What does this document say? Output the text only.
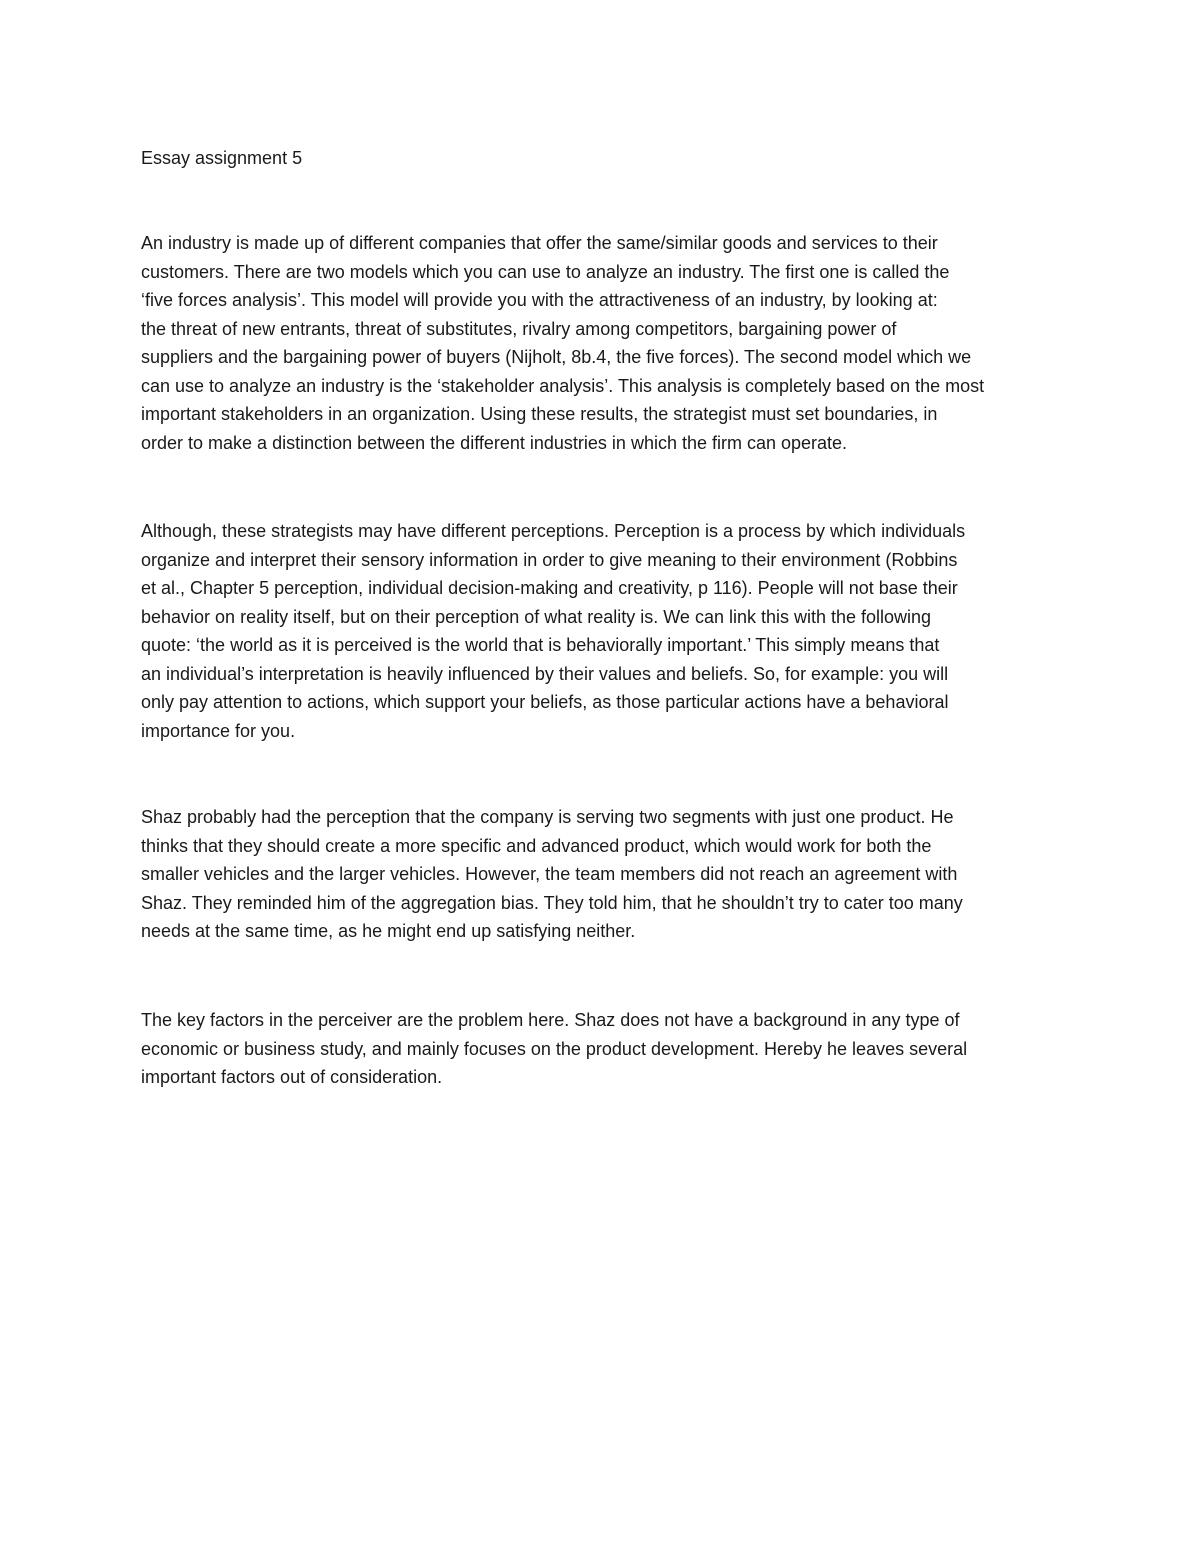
Essay assignment 5

An industry is made up of different companies that offer the same/similar goods and services to their
customers. There are two models which you can use to analyze an industry. The first one is called the
‘five forces analysis’. This model will provide you with the attractiveness of an industry, by looking at:
the threat of new entrants, threat of substitutes, rivalry among competitors, bargaining power of
suppliers and the bargaining power of buyers (Nijholt, 8b.4, the five forces). The second model which we
can use to analyze an industry is the ‘stakeholder analysis’. This analysis is completely based on the most
important stakeholders in an organization. Using these results, the strategist must set boundaries, in
order to make a distinction between the different industries in which the firm can operate.

Although, these strategists may have different perceptions. Perception is a process by which individuals
organize and interpret their sensory information in order to give meaning to their environment (Robbins
et al., Chapter 5 perception, individual decision-making and creativity, p 116). People will not base their
behavior on reality itself, but on their perception of what reality is. We can link this with the following
quote: ‘the world as it is perceived is the world that is behaviorally important.’ This simply means that
an individual’s interpretation is heavily influenced by their values and beliefs. So, for example: you will
only pay attention to actions, which support your beliefs, as those particular actions have a behavioral
importance for you.

Shaz probably had the perception that the company is serving two segments with just one product. He
thinks that they should create a more specific and advanced product, which would work for both the
smaller vehicles and the larger vehicles. However, the team members did not reach an agreement with
Shaz. They reminded him of the aggregation bias. They told him, that he shouldn’t try to cater too many
needs at the same time, as he might end up satisfying neither.

The key factors in the perceiver are the problem here. Shaz does not have a background in any type of
economic or business study, and mainly focuses on the product development. Hereby he leaves several
important factors out of consideration.
